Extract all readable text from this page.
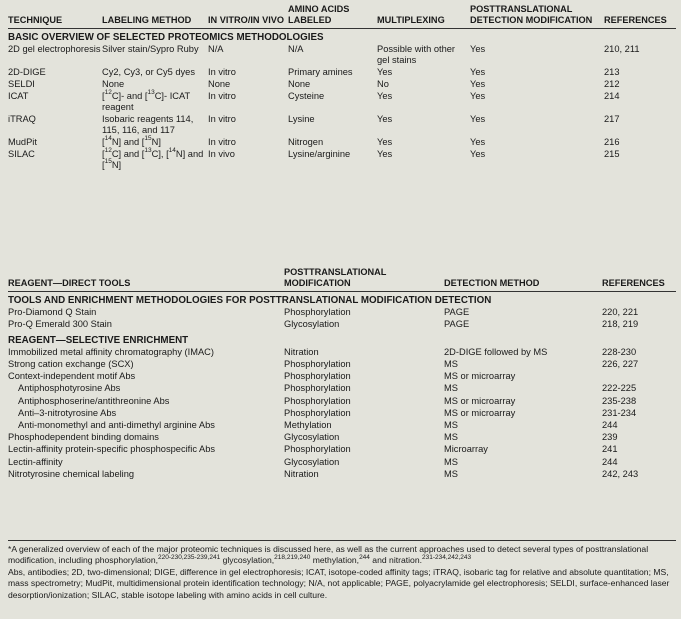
TECHNIQUE	LABELING METHOD	IN VITRO/IN VIVO	AMINO ACIDS LABELED	MULTIPLEXING	POSTTRANSLATIONAL DETECTION MODIFICATION	REFERENCES
BASIC OVERVIEW OF SELECTED PROTEOMICS METHODOLOGIES						
2D gel electrophoresis	Silver stain/Sypro Ruby	N/A	N/A	Possible with other gel stains	Yes	210, 211
2D-DIGE	Cy2, Cy3, or Cy5 dyes	In vitro	Primary amines	Yes	Yes	213
SELDI	None	None	None	No	Yes	212
ICAT	[$^{12}$C]- and [$^{13}$C]- ICAT reagent	In vitro	Cysteine	Yes	Yes	214
iTRAQ	Isobaric reagents 114, 115, 116, and 117	In vitro	Lysine	Yes	Yes	217
MudPit	[$^{14}$N] and [$^{15}$N]	In vitro	Nitrogen	Yes	Yes	216
SILAC	[$^{12}$C] and [$^{13}$C], [$^{14}$N] and [$^{15}$N]	In vivo	Lysine/arginine	Yes	Yes	215
REAGENT—DIRECT TOOLS	POSTTRANSLATIONAL MODIFICATION	DETECTION METHOD	REFERENCES
TOOLS AND ENRICHMENT METHODOLOGIES FOR POSTTRANSLATIONAL MODIFICATION DETECTION			
Pro-Diamond Q Stain	Phosphorylation	PAGE	220, 221
Pro-Q Emerald 300 Stain	Glycosylation	PAGE	218, 219
REAGENT—SELECTIVE ENRICHMENT			
Immobilized metal affinity chromatography (IMAC)	Nitration	2D-DIGE followed by MS	228-230
Strong cation exchange (SCX)	Phosphorylation	MS	226, 227
Context-independent motif Abs	Phosphorylation	MS or microarray	
Antiphosphotyrosine Abs	Phosphorylation	MS	222-225
Antiphosphoserine/antithreonine Abs	Phosphorylation	MS or microarray	235-238
Anti–3-nitrotyrosine Abs	Phosphorylation	MS or microarray	231-234
Anti-monomethyl and anti-dimethyl arginine Abs	Methylation	MS	244
Phosphodependent binding domains	Glycosylation	MS	239
Lectin-affinity protein-specific phosphospecific Abs	Phosphorylation	Microarray	241
Lectin-affinity	Glycosylation	MS	244
Nitrotyrosine chemical labeling	Nitration	MS	242, 243
*A generalized overview of each of the major proteomic techniques is discussed here, as well as the current approaches used to detect several types of posttranslational modification, including phosphorylation,$^{220-230,235-239,241}$ glycosylation,$^{218,219,240}$ methylation,$^{244}$ and nitration.$^{231-234,242,243}$
Abs, antibodies; 2D, two-dimensional; DIGE, difference in gel electrophoresis; ICAT, isotope-coded affinity tags; iTRAQ, isobaric tag for relative and absolute quantitation; MS, mass spectrometry; MudPit, multidimensional protein identification technology; N/A, not applicable; PAGE, polyacrylamide gel electrophoresis; SELDI, surface-enhanced laser desorption/ionization; SILAC, stable isotope labeling with amino acids in cell culture.
